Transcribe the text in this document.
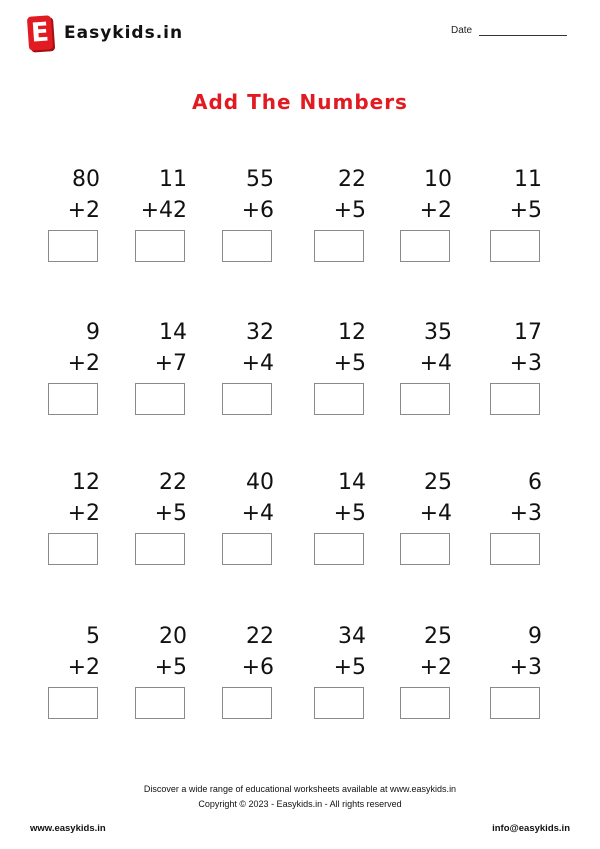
E Easykids.in	Date
Add The Numbers
80
+2
11
+42
55
+6
22
+5
10
+2
11
+5
9
+2
14
+7
32
+4
12
+5
35
+4
17
+3
12
+2
22
+5
40
+4
14
+5
25
+4
6
+3
5
+2
20
+5
22
+6
34
+5
25
+2
9
+3
Discover a wide range of educational worksheets available at www.easykids.in
Copyright © 2023 - Easykids.in - All rights reserved
www.easykids.in	info@easykids.in
